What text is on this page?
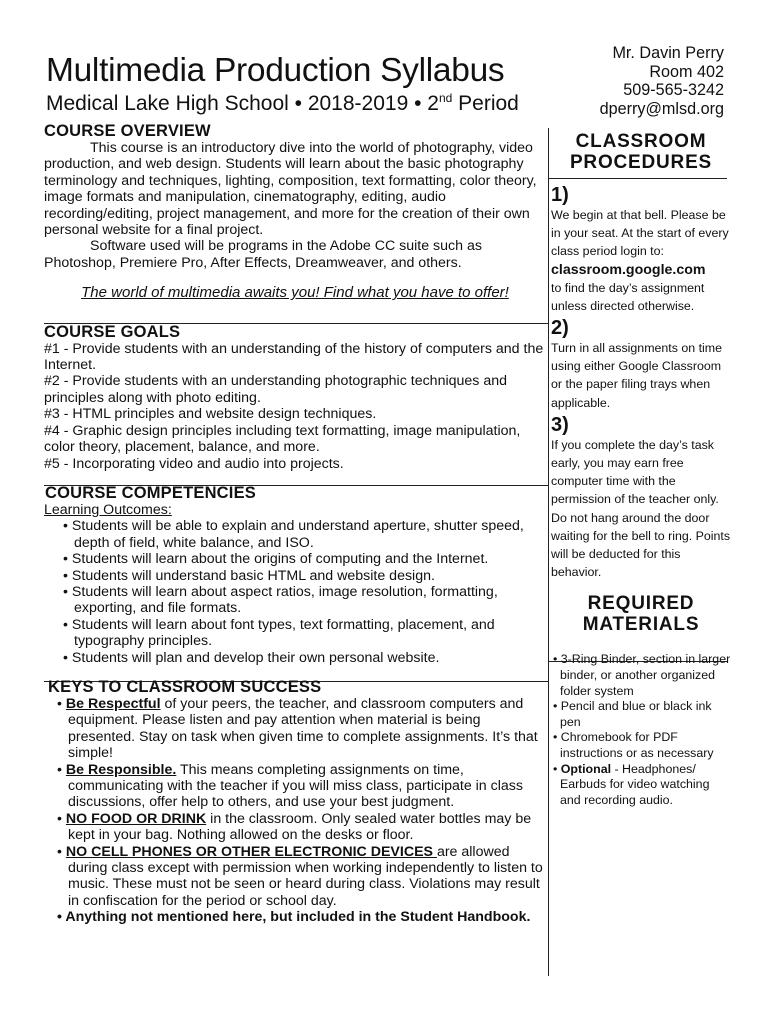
Multimedia Production Syllabus
Medical Lake High School • 2018-2019 • 2nd Period
Mr. Davin Perry
Room 402
509-565-3242
dperry@mlsd.org
COURSE OVERVIEW
This course is an introductory dive into the world of photography, video production, and web design. Students will learn about the basic photography terminology and techniques, lighting, composition, text formatting, color theory, image formats and manipulation, cinematography, editing, audio recording/editing, project management, and more for the creation of their own personal website for a final project.
Software used will be programs in the Adobe CC suite such as Photoshop, Premiere Pro, After Effects, Dreamweaver, and others.
The world of multimedia awaits you! Find what you have to offer!
COURSE GOALS
#1 - Provide students with an understanding of the history of computers and the Internet.
#2 - Provide students with an understanding photographic techniques and principles along with photo editing.
#3 - HTML principles and website design techniques.
#4 - Graphic design principles including text formatting, image manipulation, color theory, placement, balance, and more.
#5 - Incorporating video and audio into projects.
COURSE COMPETENCIES
Learning Outcomes:
• Students will be able to explain and understand aperture, shutter speed, depth of field, white balance, and ISO.
• Students will learn about the origins of computing and the Internet.
• Students will understand basic HTML and website design.
• Students will learn about aspect ratios, image resolution, formatting, exporting, and file formats.
• Students will learn about font types, text formatting, placement, and typography principles.
• Students will plan and develop their own personal website.
KEYS TO CLASSROOM SUCCESS
• Be Respectful of your peers, the teacher, and classroom computers and equipment. Please listen and pay attention when material is being presented. Stay on task when given time to complete assignments. It’s that simple!
• Be Responsible. This means completing assignments on time, communicating with the teacher if you will miss class, participate in class discussions, offer help to others, and use your best judgment.
• NO FOOD OR DRINK in the classroom. Only sealed water bottles may be kept in your bag. Nothing allowed on the desks or floor.
• NO CELL PHONES OR OTHER ELECTRONIC DEVICES are allowed during class except with permission when working independently to listen to music. These must not be seen or heard during class. Violations may result in confiscation for the period or school day.
• Anything not mentioned here, but included in the Student Handbook.
CLASSROOM PROCEDURES
1)
We begin at that bell. Please be in your seat. At the start of every class period login to:
classroom.google.com
to find the day’s assignment unless directed otherwise.
2)
Turn in all assignments on time using either Google Classroom or the paper filing trays when applicable.
3)
If you complete the day’s task early, you may earn free computer time with the permission of the teacher only. Do not hang around the door waiting for the bell to ring. Points will be deducted for this behavior.
REQUIRED MATERIALS

• 3-Ring Binder, section in larger binder, or another organized folder system

• Pencil and blue or black ink pen

• Chromebook for PDF instructions or as necessary

• Optional - Headphones/ Earbuds for video watching and recording audio.
